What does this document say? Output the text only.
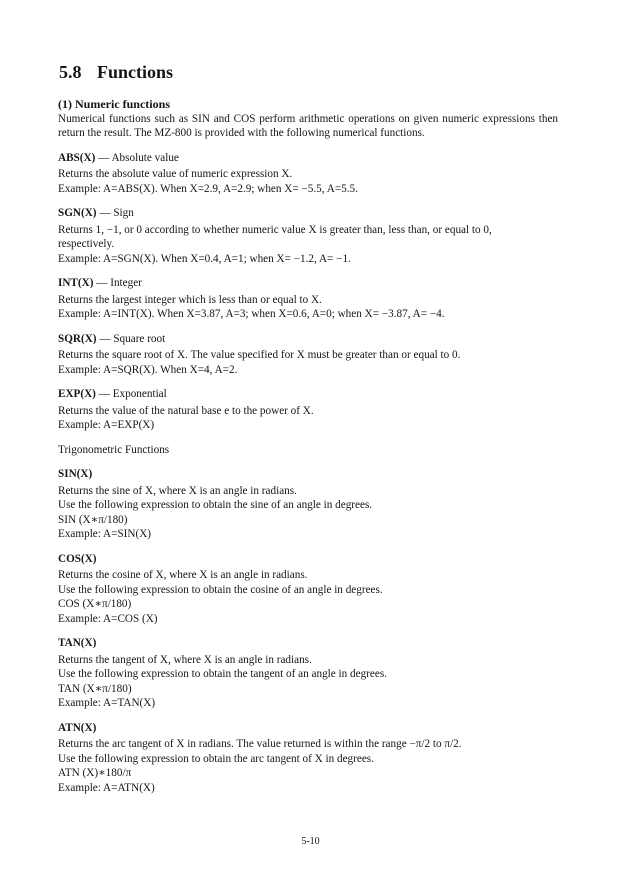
5.8 Functions
(1) Numeric functions
Numerical functions such as SIN and COS perform arithmetic operations on given numeric expressions then return the result. The MZ-800 is provided with the following numerical functions.
ABS(X) — Absolute value
Returns the absolute value of numeric expression X.
Example: A=ABS(X). When X=2.9, A=2.9; when X= −5.5, A=5.5.
SGN(X) — Sign
Returns 1, −1, or 0 according to whether numeric value X is greater than, less than, or equal to 0,
respectively.
Example: A=SGN(X). When X=0.4, A=1; when X= −1.2, A= −1.
INT(X) — Integer
Returns the largest integer which is less than or equal to X.
Example: A=INT(X). When X=3.87, A=3; when X=0.6, A=0; when X= −3.87, A= −4.
SQR(X) — Square root
Returns the square root of X. The value specified for X must be greater than or equal to 0.
Example: A=SQR(X). When X=4, A=2.
EXP(X) — Exponential
Returns the value of the natural base e to the power of X.
Example: A=EXP(X)
Trigonometric Functions
SIN(X)
Returns the sine of X, where X is an angle in radians.
Use the following expression to obtain the sine of an angle in degrees.
SIN (X∗π/180)
Example: A=SIN(X)
COS(X)
Returns the cosine of X, where X is an angle in radians.
Use the following expression to obtain the cosine of an angle in degrees.
COS (X∗π/180)
Example: A=COS (X)
TAN(X)
Returns the tangent of X, where X is an angle in radians.
Use the following expression to obtain the tangent of an angle in degrees.
TAN (X∗π/180)
Example: A=TAN(X)
ATN(X)
Returns the arc tangent of X in radians. The value returned is within the range −π/2 to π/2.
Use the following expression to obtain the arc tangent of X in degrees.
ATN (X)∗180/π
Example: A=ATN(X)
5-10
